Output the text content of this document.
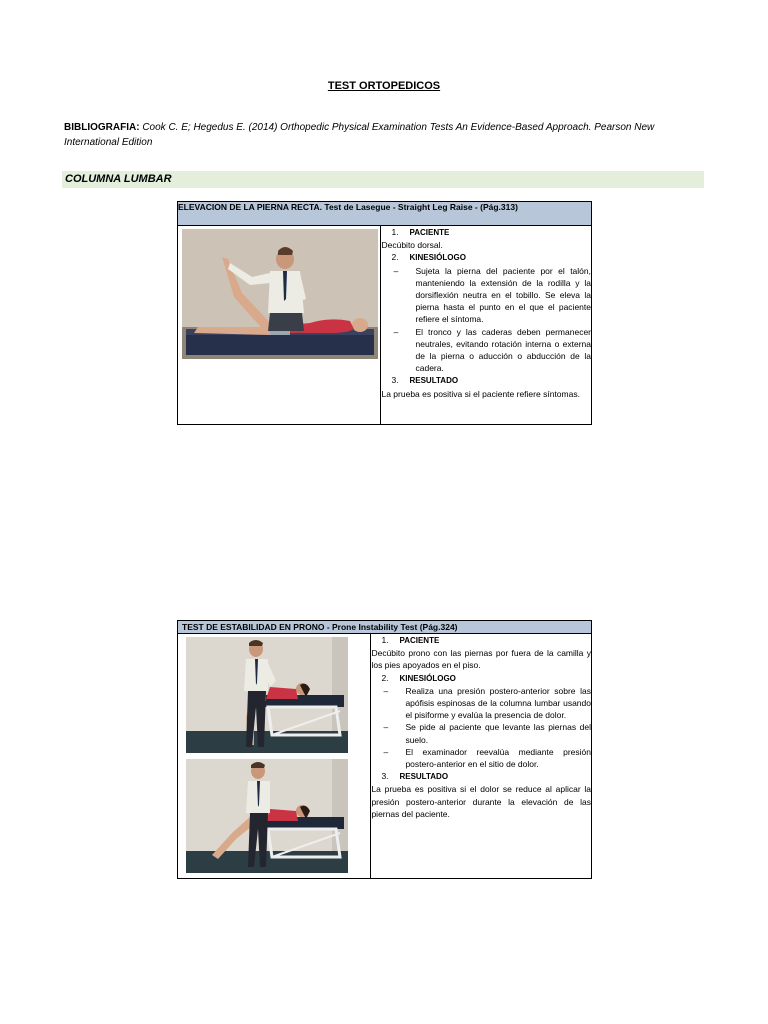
TEST ORTOPEDICOS
BIBLIOGRAFIA: Cook C. E; Hegedus E. (2014) Orthopedic Physical Examination Tests An Evidence-Based Approach. Pearson New International Edition
COLUMNA LUMBAR
ELEVACION DE LA PIERNA RECTA. Test de Lasegue - Straight Leg Raise - (Pág.313)

1. PACIENTE
Decúbito dorsal.
2. KINESIÓLOGO
–	Sujeta la pierna del paciente por el talón, manteniendo la extensión de la rodilla y la dorsiflexión neutra en el tobillo. Se eleva la pierna hasta el punto en el que el paciente refiere el síntoma.
–	El tronco y las caderas deben permanecer neutrales, evitando rotación interna o externa de la pierna o aducción o abducción de la cadera.
3. RESULTADO
La prueba es positiva si el paciente refiere síntomas.
TEST DE ESTABILIDAD EN PRONO - Prone Instability Test (Pág.324)

1. PACIENTE
Decúbito prono con las piernas por fuera de la camilla y los pies apoyados en el piso.
2. KINESIÓLOGO
–	Realiza una presión postero-anterior sobre las apófisis espinosas de la columna lumbar usando el pisiforme y evalúa la presencia de dolor.
–	Se pide al paciente que levante las piernas del suelo.
–	El examinador reevalúa mediante presión postero-anterior en el sitio de dolor.
3. RESULTADO
La prueba es positiva si el dolor se reduce al aplicar la presión postero-anterior durante la elevación de las piernas del paciente.
